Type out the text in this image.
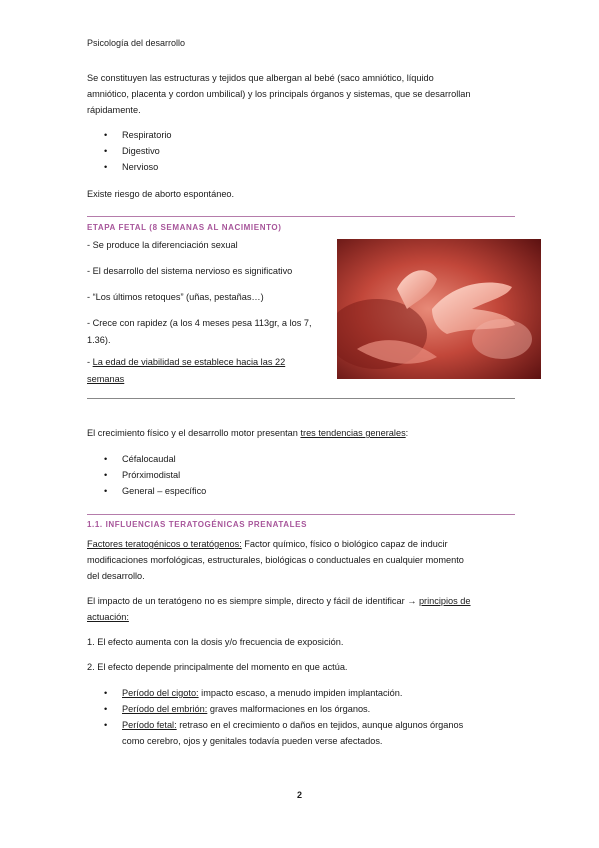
Psicología del desarrollo
Se constituyen las estructuras y tejidos que albergan al bebé (saco amniótico, líquido
amniótico, placenta y cordon umbilical) y los principals órganos y sistemas, que se desarrollan
rápidamente.
• Respiratorio
• Digestivo
• Nervioso
Existe riesgo de aborto espontáneo.
ETAPA FETAL (8 SEMANAS AL NACIMIENTO)
- Se produce la diferenciación sexual
- El desarrollo del sistema nervioso es significativo
- “Los últimos retoques” (uñas, pestañas…)
- Crece con rapidez (a los 4 meses pesa 113gr, a los 7,
1.36).
- La edad de viabilidad se establece hacia las 22
semanas
El crecimiento físico y el desarrollo motor presentan tres tendencias generales:
• Céfalocaudal
• Prórximodistal
• General – específico
1.1. INFLUENCIAS TERATOGÉNICAS PRENATALES
Factores teratogénicos o teratógenos: Factor químico, físico o biológico capaz de inducir
modificaciones morfológicas, estructurales, biológicas o conductuales en cualquier momento
del desarrollo.
El impacto de un teratógeno no es siempre simple, directo y fácil de identificar → principios de
actuación:
1. El efecto aumenta con la dosis y/o frecuencia de exposición.
2. El efecto depende principalmente del momento en que actúa.
• Período del cigoto: impacto escaso, a menudo impiden implantación.
• Período del embrión: graves malformaciones en los órganos.
• Período fetal: retraso en el crecimiento o daños en tejidos, aunque algunos órganos
como cerebro, ojos y genitales todavía pueden verse afectados.
2
